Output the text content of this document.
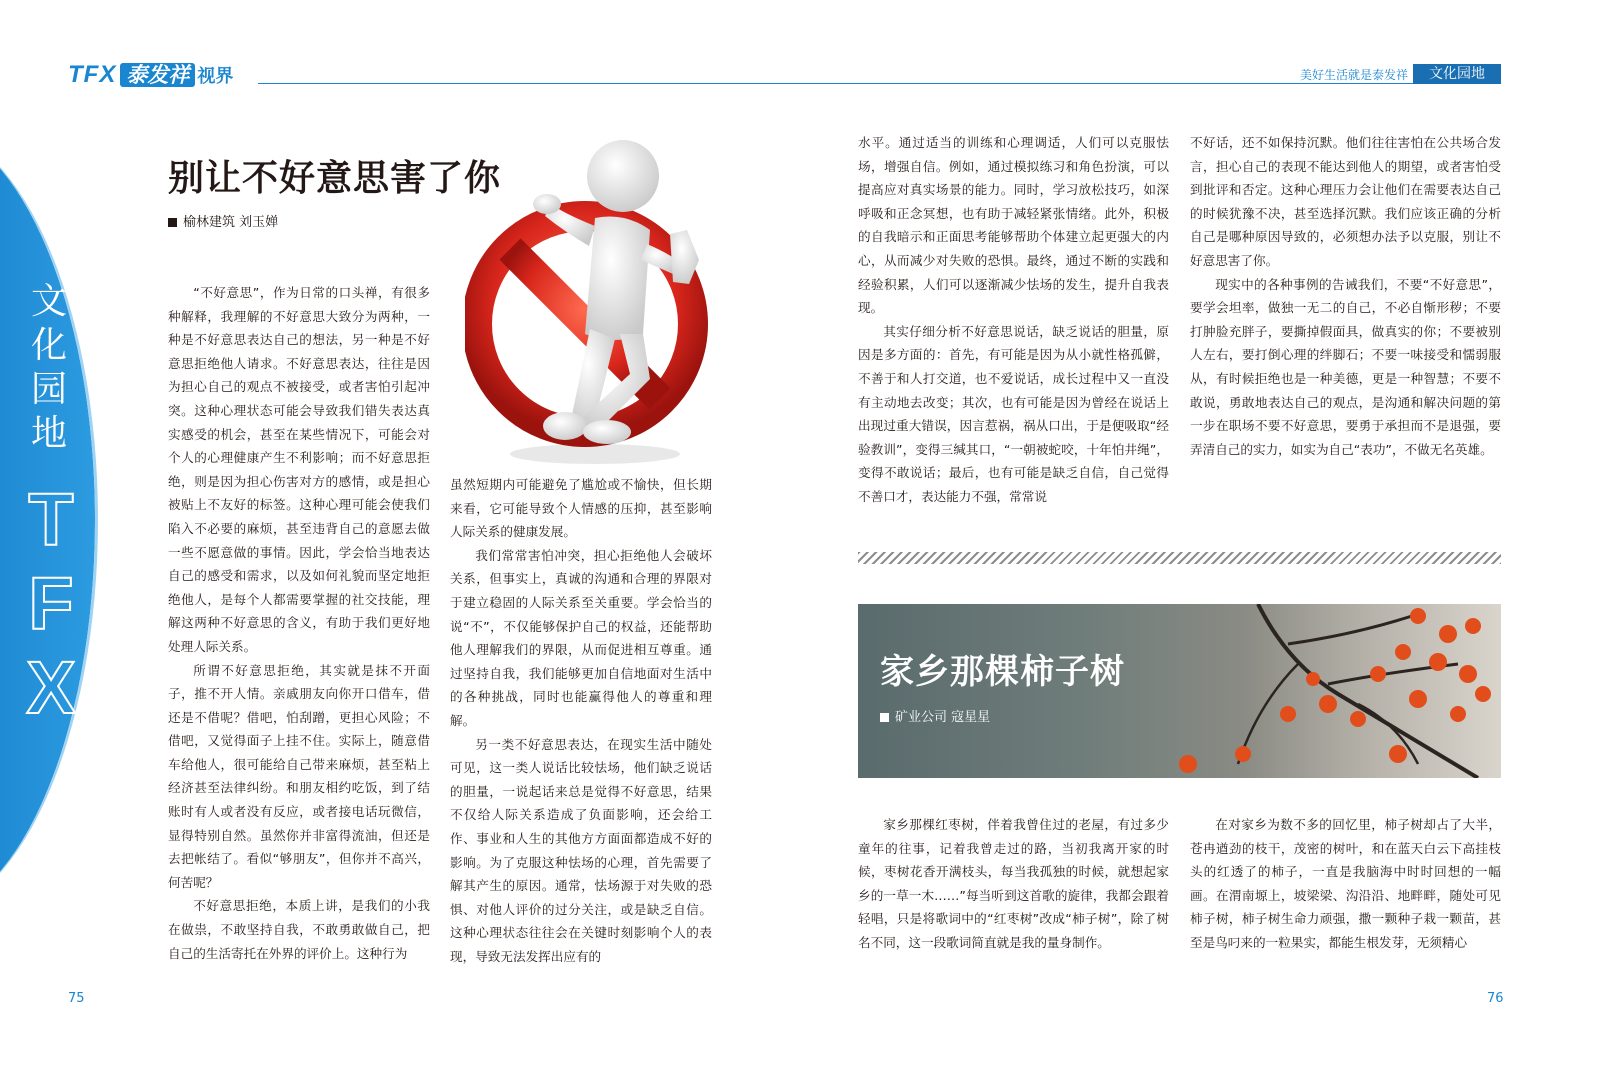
TFX 泰发祥 视界	美好生活就是泰发祥	文化园地
文化园地
T
F
X
别让不好意思害了你
榆林建筑 刘玉婵

“不好意思”，作为日常的口头禅，有很多种解释，我理解的不好意思大致分为两种，一种是不好意思表达自己的想法，另一种是不好意思拒绝他人请求。不好意思表达，往往是因为担心自己的观点不被接受，或者害怕引起冲突。这种心理状态可能会导致我们错失表达真实感受的机会，甚至在某些情况下，可能会对个人的心理健康产生不利影响；而不好意思拒绝，则是因为担心伤害对方的感情，或是担心被贴上不友好的标签。这种心理可能会使我们陷入不必要的麻烦，甚至违背自己的意愿去做一些不愿意做的事情。因此，学会恰当地表达自己的感受和需求，以及如何礼貌而坚定地拒绝他人，是每个人都需要掌握的社交技能，理解这两种不好意思的含义，有助于我们更好地处理人际关系。

所谓不好意思拒绝，其实就是抹不开面子，推不开人情。亲戚朋友向你开口借车，借还是不借呢？借吧，怕刮蹭，更担心风险；不借吧，又觉得面子上挂不住。实际上，随意借车给他人，很可能给自己带来麻烦，甚至粘上经济甚至法律纠纷。和朋友相约吃饭，到了结账时有人或者没有反应，或者接电话玩微信，显得特别自然。虽然你并非富得流油，但还是去把帐结了。看似“够朋友”，但你并不高兴，何苦呢？

不好意思拒绝，本质上讲，是我们的小我在做祟，不敢坚持自我，不敢勇敢做自己，把自己的生活寄托在外界的评价上。这种行为

虽然短期内可能避免了尴尬或不愉快，但长期来看，它可能导致个人情感的压抑，甚至影响人际关系的健康发展。

我们常常害怕冲突，担心拒绝他人会破坏关系，但事实上，真诚的沟通和合理的界限对于建立稳固的人际关系至关重要。学会恰当的说“不”，不仅能够保护自己的权益，还能帮助他人理解我们的界限，从而促进相互尊重。通过坚持自我，我们能够更加自信地面对生活中的各种挑战，同时也能赢得他人的尊重和理解。

另一类不好意思表达，在现实生活中随处可见，这一类人说话比较怯场，他们缺乏说话的胆量，一说起话来总是觉得不好意思，结果不仅给人际关系造成了负面影响，还会给工作、事业和人生的其他方方面面都造成不好的影响。为了克服这种怯场的心理，首先需要了解其产生的原因。通常，怯场源于对失败的恐惧、对他人评价的过分关注，或是缺乏自信。这种心理状态往往会在关键时刻影响个人的表现，导致无法发挥出应有的

水平。通过适当的训练和心理调适，人们可以克服怯场，增强自信。例如，通过模拟练习和角色扮演，可以提高应对真实场景的能力。同时，学习放松技巧，如深呼吸和正念冥想，也有助于减轻紧张情绪。此外，积极的自我暗示和正面思考能够帮助个体建立起更强大的内心，从而减少对失败的恐惧。最终，通过不断的实践和经验积累，人们可以逐渐减少怯场的发生，提升自我表现。

其实仔细分析不好意思说话，缺乏说话的胆量，原因是多方面的：首先，有可能是因为从小就性格孤僻，不善于和人打交道，也不爱说话，成长过程中又一直没有主动地去改变；其次，也有可能是因为曾经在说话上出现过重大错误，因言惹祸，祸从口出，于是便吸取“经验教训”，变得三缄其口，“一朝被蛇咬，十年怕井绳”，变得不敢说话；最后，也有可能是缺乏自信，自己觉得不善口才，表达能力不强，常常说

不好话，还不如保持沉默。他们往往害怕在公共场合发言，担心自己的表现不能达到他人的期望，或者害怕受到批评和否定。这种心理压力会让他们在需要表达自己的时候犹豫不决，甚至选择沉默。我们应该正确的分析自己是哪种原因导致的，必须想办法予以克服，别让不好意思害了你。

现实中的各种事例的告诫我们，不要“不好意思”，要学会坦率，做独一无二的自己，不必自惭形秽；不要打肿脸充胖子，要撕掉假面具，做真实的你；不要被别人左右，要打倒心理的绊脚石；不要一味接受和懦弱服从，有时候拒绝也是一种美德，更是一种智慧；不要不敢说，勇敢地表达自己的观点，是沟通和解决问题的第一步在职场不要不好意思，要勇于承担而不是退强，要弄清自己的实力，如实为自己“表功”，不做无名英雄。

家乡那棵柿子树
矿业公司 寇星星

家乡那棵红枣树，伴着我曾住过的老屋，有过多少童年的往事，记着我曾走过的路，当初我离开家的时候，枣树花香开满枝头，每当我孤独的时候，就想起家乡的一草一木……”每当听到这首歌的旋律，我都会跟着轻唱，只是将歌词中的“红枣树”改成“柿子树”，除了树名不同，这一段歌词简直就是我的量身制作。

在对家乡为数不多的回忆里，柿子树却占了大半，苍冉遒劲的枝干，茂密的树叶，和在蓝天白云下高挂枝头的红透了的柿子，一直是我脑海中时时回想的一幅画。在渭南塬上，坡梁梁、沟沿沿、地畔畔，随处可见柿子树，柿子树生命力顽强，撒一颗种子栽一颗苗，甚至是鸟叼来的一粒果实，都能生根发芽，无须精心

75	76
